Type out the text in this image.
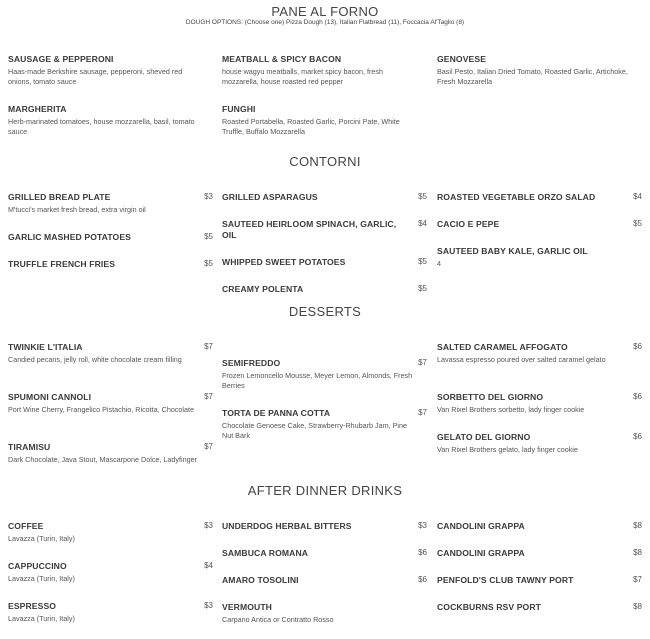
PANE AL FORNO
DOUGH OPTIONS: (Choose one) Pizza Dough (13), Italian Flatbread (11), Foccacia Al'Taglio (8)
SAUSAGE & PEPPERONI
Haas-made Berkshire sausage, pepperoni, sheved red onions, tomato sauce
MEATBALL & SPICY BACON
house wagyu meatballs, market spicy bacon, fresh mozzarella, house roasted red pepper
GENOVESE
Basil Pesto, Italian Dried Tomato, Roasted Garlic, Artichoke, Fresh Mozzarella
MARGHERITA
Herb-marinated tomatoes, house mozzarella, basil, tomato sauce
FUNGHI
Roasted Portabella, Roasted Garlic, Porcini Pate, White Truffle, Buffalo Mozzarella
CONTORNI
GRILLED BREAD PLATE
M'tucci's market fresh bread, extra virgin oil
$3
GARLIC MASHED POTATOES	$5
TRUFFLE FRENCH FRIES	$5
GRILLED ASPARAGUS	$5
SAUTEED HEIRLOOM SPINACH, GARLIC, OIL
$4
WHIPPED SWEET POTATOES	$5
CREAMY POLENTA	$5
ROASTED VEGETABLE ORZO SALAD	$4
CACIO E PEPE	$5
SAUTEED BABY KALE, GARLIC OIL
4
DESSERTS
TWINKIE L'ITALIA
Candied pecans, jelly roll, white chocolate cream filling
$7
SPUMONI CANNOLI
Port Wine Cherry, Frangelico Pistachio, Ricotta, Chocolate
$7
TIRAMISU
Dark Chocolate, Java Stout, Mascarpone Dolce, Ladyfinger
$7
SEMIFREDDO
Frozen Lemoncello Mousse, Meyer Lemon, Almonds, Fresh Berries
$7
TORTA DE PANNA COTTA
Chocolate Genoese Cake, Strawberry-Rhubarb Jam, Pine Nut Bark
$7
SALTED CARAMEL AFFOGATO
Lavassa espresso poured over salted caramel gelato
$6
SORBETTO DEL GIORNO
Van Rixel Brothers sorbetto, lady finger cookie
$6
GELATO DEL GIORNO
Van Rixel Brothers gelato, lady finger cookie
$6
AFTER DINNER DRINKS
COFFEE
Lavazza (Turin, Italy)
$3
CAPPUCCINO
Lavazza (Turin, Italy)
$4
ESPRESSO
Lavazza (Turin, Italy)
$3
UNDERDOG HERBAL BITTERS	$3
SAMBUCA ROMANA	$6
AMARO TOSOLINI	$6
VERMOUTH
Carpano Antica or Contratto Rosso
CANDOLINI GRAPPA	$8
CANDOLINI GRAPPA	$8
PENFOLD'S CLUB TAWNY PORT	$7
COCKBURNS RSV PORT	$8
